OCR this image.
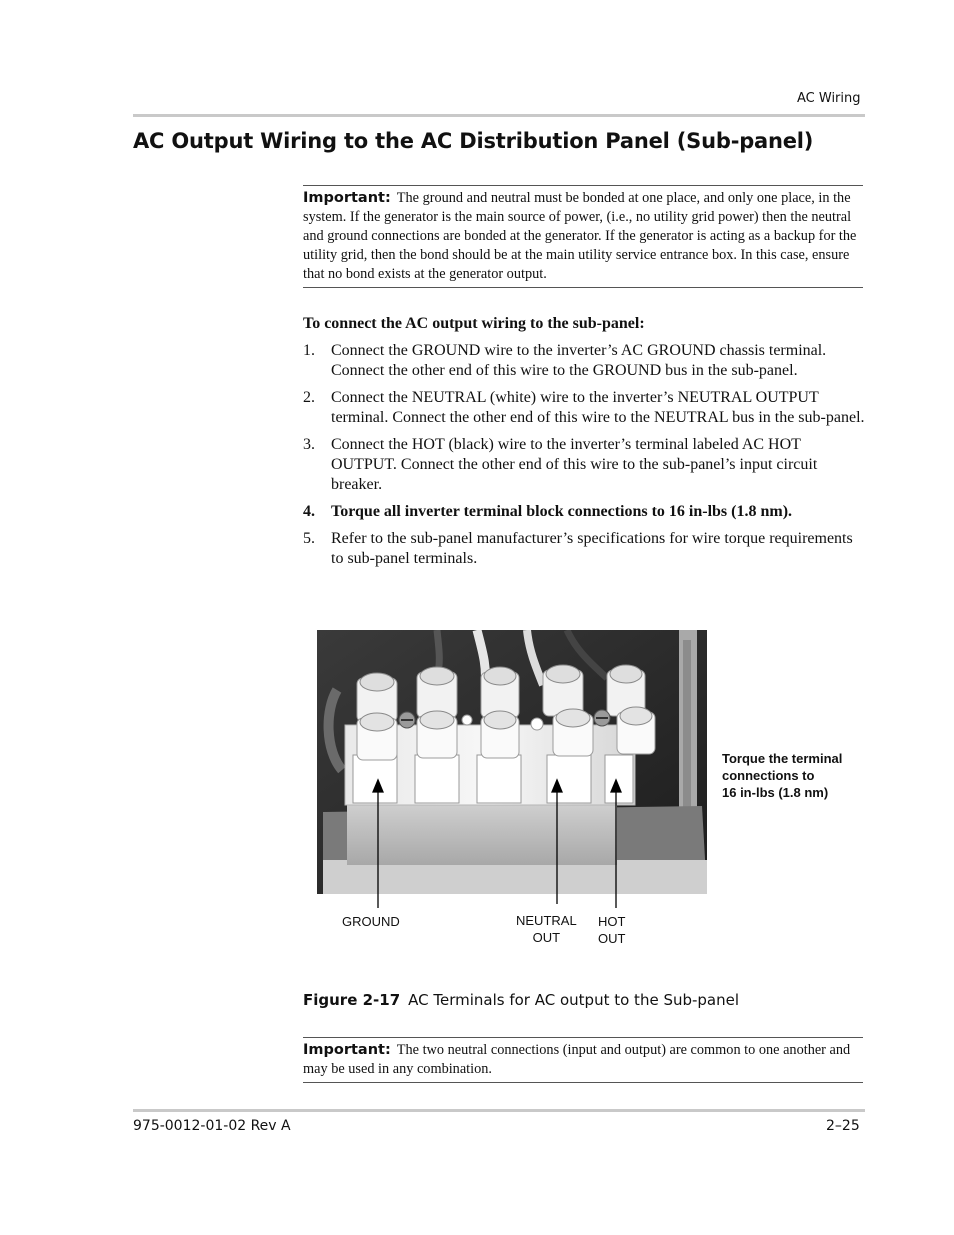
AC Wiring
AC Output Wiring to the AC Distribution Panel (Sub-panel)
Important: The ground and neutral must be bonded at one place, and only one place, in the system. If the generator is the main source of power, (i.e., no utility grid power) then the neutral and ground connections are bonded at the generator. If the generator is acting as a backup for the utility grid, then the bond should be at the main utility service entrance box. In this case, ensure that no bond exists at the generator output.
To connect the AC output wiring to the sub-panel:
1. Connect the GROUND wire to the inverter’s AC GROUND chassis terminal. Connect the other end of this wire to the GROUND bus in the sub-panel.
2. Connect the NEUTRAL (white) wire to the inverter’s NEUTRAL OUTPUT terminal. Connect the other end of this wire to the NEUTRAL bus in the sub-panel.
3. Connect the HOT (black) wire to the inverter’s terminal labeled AC HOT OUTPUT. Connect the other end of this wire to the sub-panel’s input circuit breaker.
4. Torque all inverter terminal block connections to 16 in-lbs (1.8 nm).
5. Refer to the sub-panel manufacturer’s specifications for wire torque requirements to sub-panel terminals.
GROUND	NEUTRAL
OUT
HOT
OUT
Torque the terminal
connections to
16 in-lbs (1.8 nm)
Figure 2-17 AC Terminals for AC output to the Sub-panel
Important: The two neutral connections (input and output) are common to one another and may be used in any combination.
975-0012-01-02 Rev A	2–25
